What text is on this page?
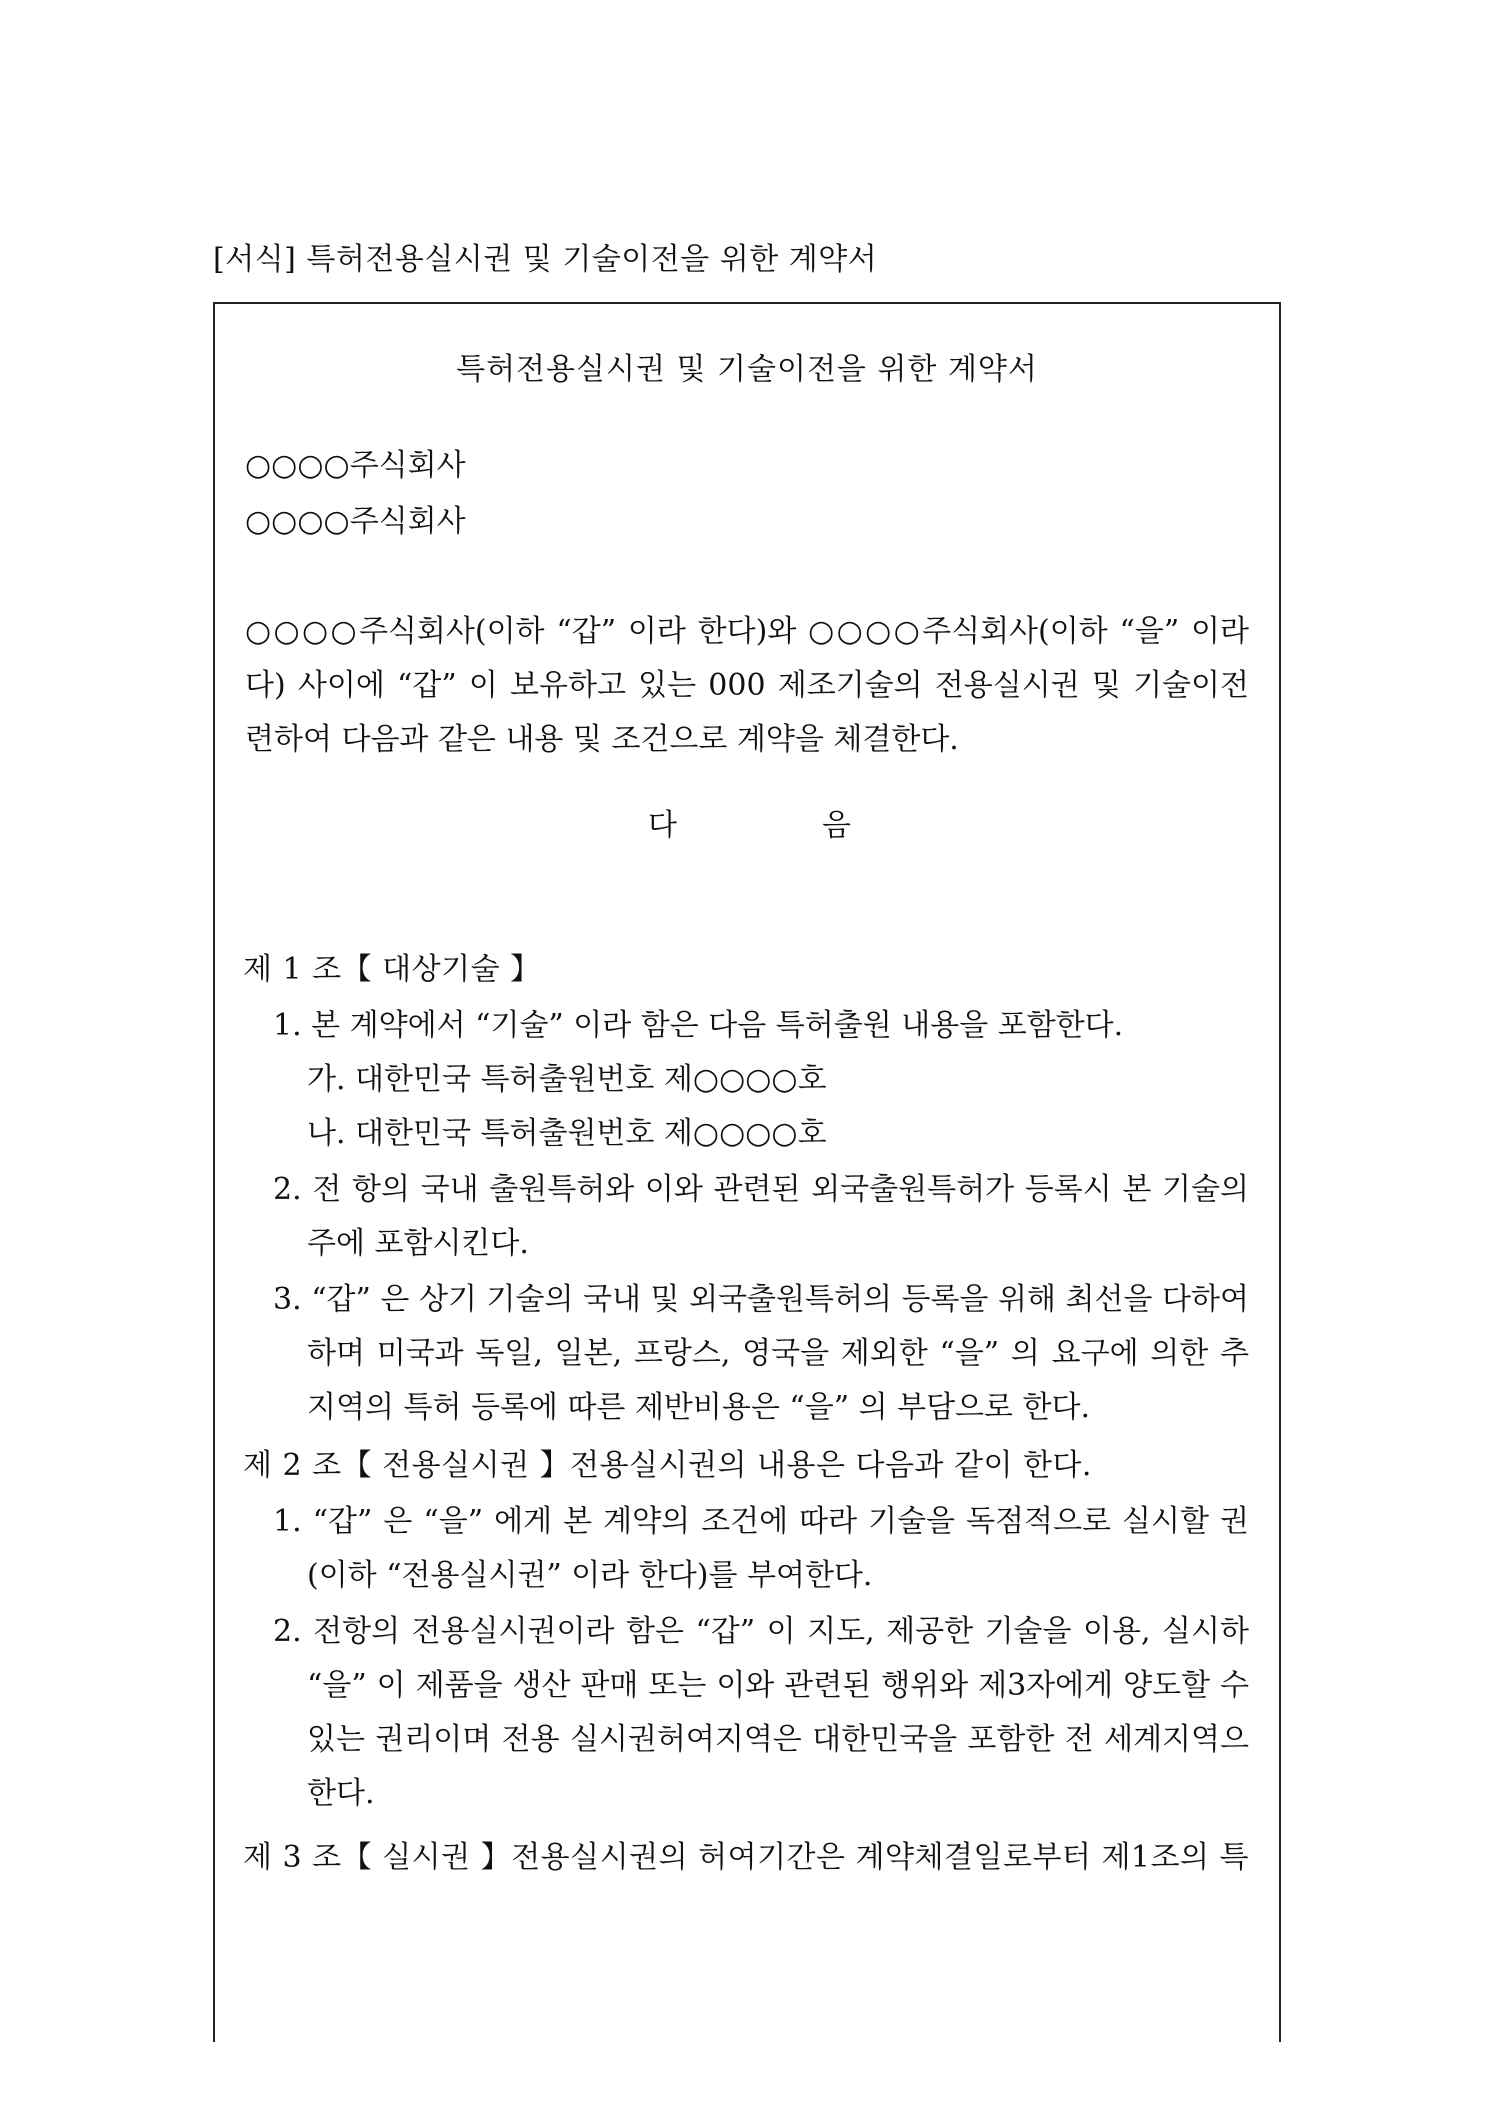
[서식] 특허전용실시권 및 기술이전을 위한 계약서
특허전용실시권 및 기술이전을 위한 계약서
○○○○주식회사
○○○○주식회사
○○○○주식회사(이하 “갑” 이라 한다)와 ○○○○주식회사(이하 “을” 이라
다) 사이에 “갑” 이 보유하고 있는 000 제조기술의 전용실시권 및 기술이전
련하여 다음과 같은 내용 및 조건으로 계약을 체결한다.
다	음
제 1 조【 대상기술 】
1. 본 계약에서 “기술” 이라 함은 다음 특허출원 내용을 포함한다.
가. 대한민국 특허출원번호 제○○○○호
나. 대한민국 특허출원번호 제○○○○호
2. 전 항의 국내 출원특허와 이와 관련된 외국출원특허가 등록시 본 기술의
주에 포함시킨다.
3. “갑” 은 상기 기술의 국내 및 외국출원특허의 등록을 위해 최선을 다하여
하며 미국과 독일, 일본, 프랑스, 영국을 제외한 “을” 의 요구에 의한 추
지역의 특허 등록에 따른 제반비용은 “을” 의 부담으로 한다.
제 2 조【 전용실시권 】전용실시권의 내용은 다음과 같이 한다.
1. “갑” 은 “을” 에게 본 계약의 조건에 따라 기술을 독점적으로 실시할 권
(이하 “전용실시권” 이라 한다)를 부여한다.
2. 전항의 전용실시권이라 함은 “갑” 이 지도, 제공한 기술을 이용, 실시하
“을” 이 제품을 생산 판매 또는 이와 관련된 행위와 제3자에게 양도할 수
있는 권리이며 전용 실시권허여지역은 대한민국을 포함한 전 세계지역으
한다.
제 3 조【 실시권 】전용실시권의 허여기간은 계약체결일로부터 제1조의 특
